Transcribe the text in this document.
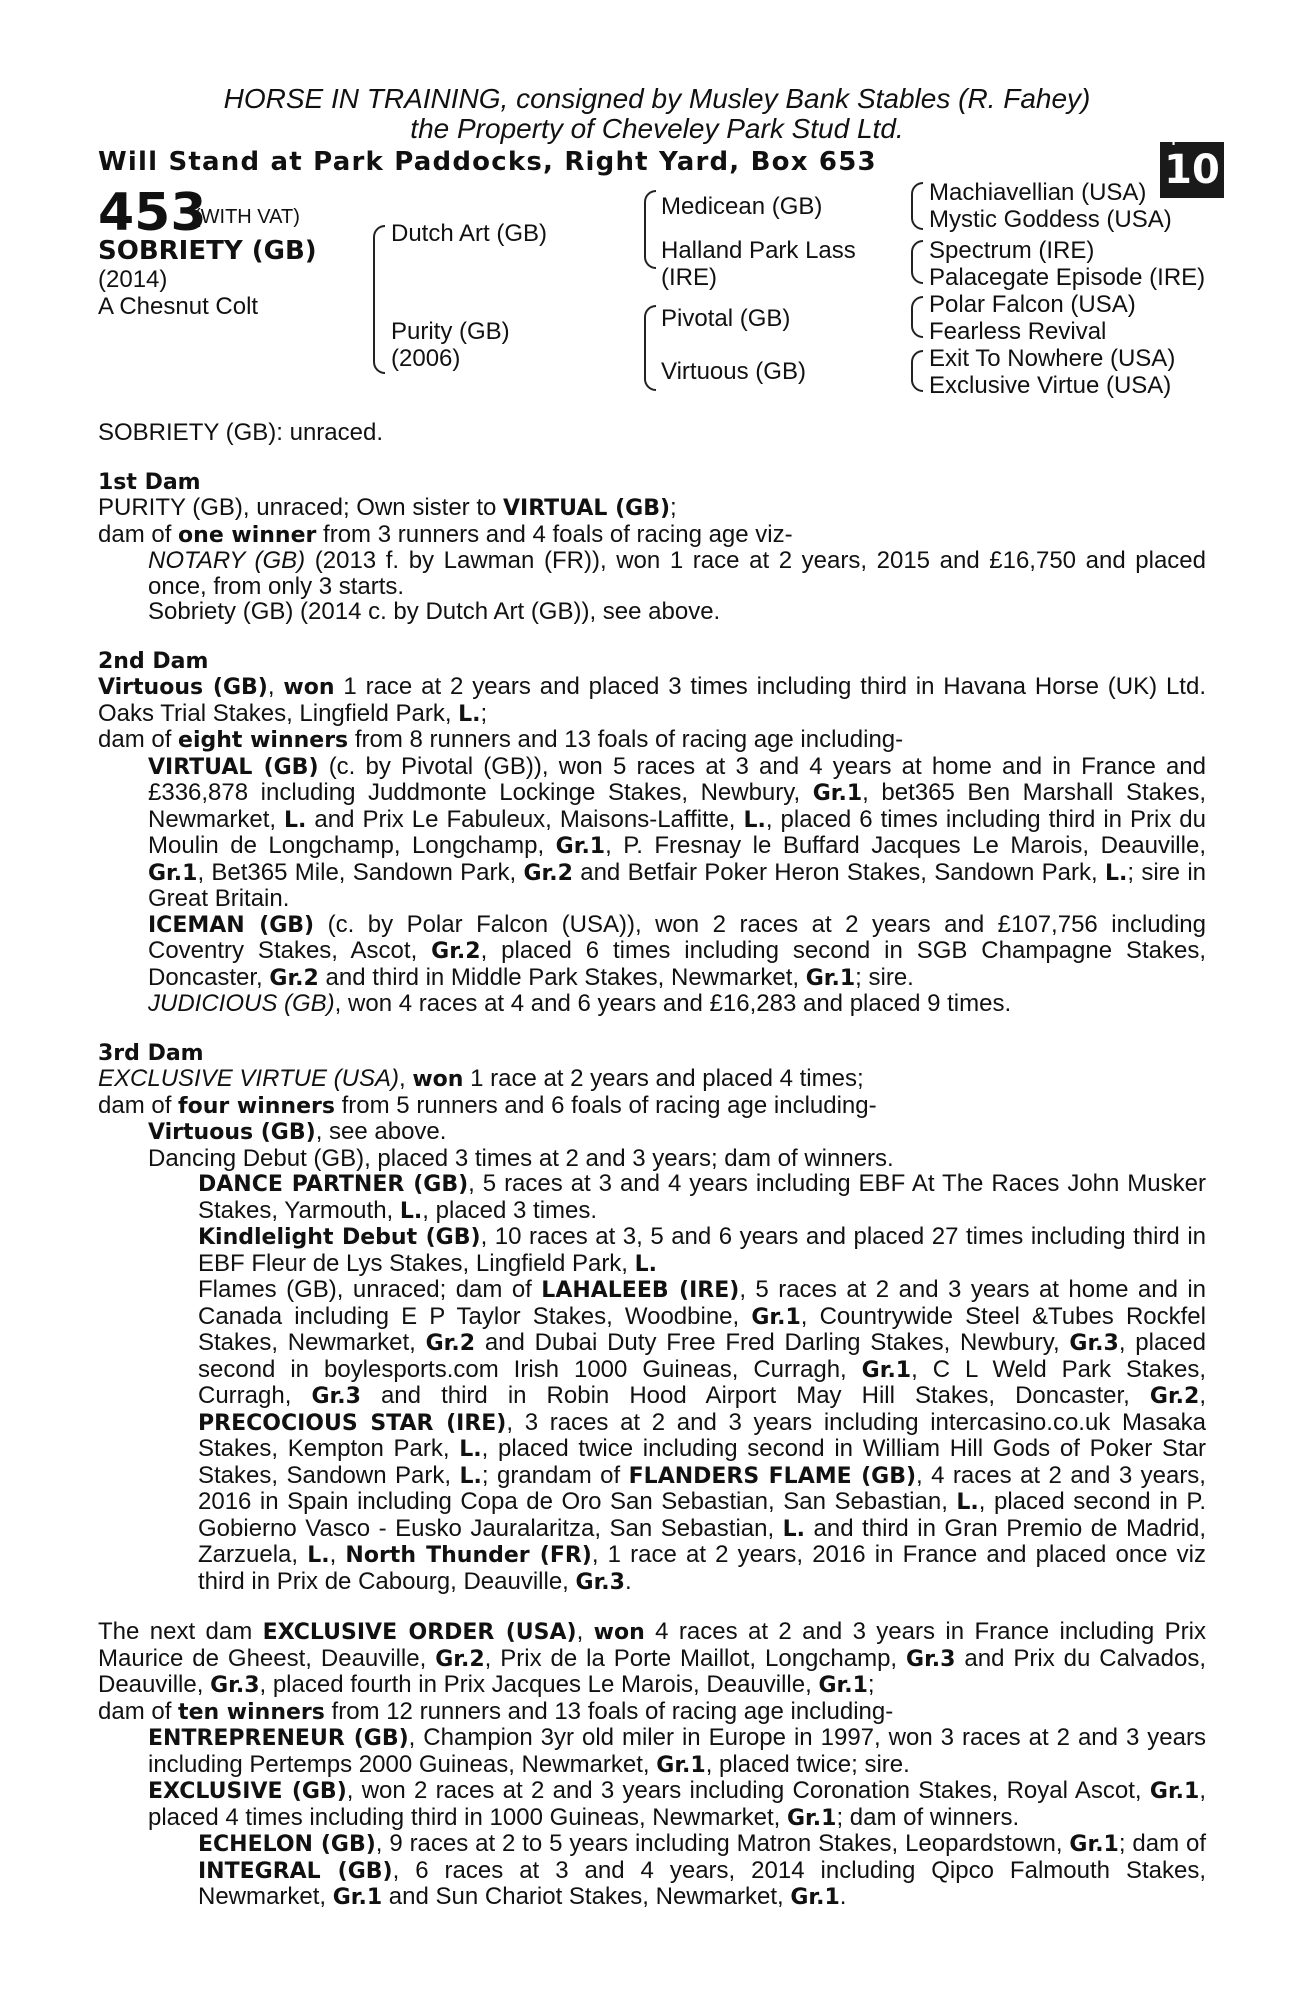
HORSE IN TRAINING, consigned by Musley Bank Stables (R. Fahey)
the Property of Cheveley Park Stud Ltd.
Will Stand at Park Paddocks, Right Yard, Box 653
+
10
453
(WITH VAT)
SOBRIETY (GB)
(2014)
A Chesnut Colt
Dutch Art (GB)
Purity (GB)
(2006)
Medicean (GB)
Halland Park Lass
(IRE)
Pivotal (GB)
Virtuous (GB)
Machiavellian (USA)
Mystic Goddess (USA)
Spectrum (IRE)
Palacegate Episode (IRE)
Polar Falcon (USA)
Fearless Revival
Exit To Nowhere (USA)
Exclusive Virtue (USA)

SOBRIETY (GB): unraced.

1st Dam

PURITY (GB), unraced; Own sister to VIRTUAL (GB);

dam of one winner from 3 runners and 4 foals of racing age viz-

NOTARY (GB) (2013 f. by Lawman (FR)), won 1 race at 2 years, 2015 and £16,750 and placed once, from only 3 starts.

Sobriety (GB) (2014 c. by Dutch Art (GB)), see above.

2nd Dam

Virtuous (GB), won 1 race at 2 years and placed 3 times including third in Havana Horse (UK) Ltd. Oaks Trial Stakes, Lingfield Park, L.;

dam of eight winners from 8 runners and 13 foals of racing age including-

VIRTUAL (GB) (c. by Pivotal (GB)), won 5 races at 3 and 4 years at home and in France and £336,878 including Juddmonte Lockinge Stakes, Newbury, Gr.1, bet365 Ben Marshall Stakes, Newmarket, L. and Prix Le Fabuleux, Maisons-Laffitte, L., placed 6 times including third in Prix du Moulin de Longchamp, Longchamp, Gr.1, P. Fresnay le Buffard Jacques Le Marois, Deauville, Gr.1, Bet365 Mile, Sandown Park, Gr.2 and Betfair Poker Heron Stakes, Sandown Park, L.; sire in Great Britain.

ICEMAN (GB) (c. by Polar Falcon (USA)), won 2 races at 2 years and £107,756 including Coventry Stakes, Ascot, Gr.2, placed 6 times including second in SGB Champagne Stakes, Doncaster, Gr.2 and third in Middle Park Stakes, Newmarket, Gr.1; sire.

JUDICIOUS (GB), won 4 races at 4 and 6 years and £16,283 and placed 9 times.

3rd Dam

EXCLUSIVE VIRTUE (USA), won 1 race at 2 years and placed 4 times;

dam of four winners from 5 runners and 6 foals of racing age including-

Virtuous (GB), see above.

Dancing Debut (GB), placed 3 times at 2 and 3 years; dam of winners.

DANCE PARTNER (GB), 5 races at 3 and 4 years including EBF At The Races John Musker Stakes, Yarmouth, L., placed 3 times.

Kindlelight Debut (GB), 10 races at 3, 5 and 6 years and placed 27 times including third in EBF Fleur de Lys Stakes, Lingfield Park, L.

Flames (GB), unraced; dam of LAHALEEB (IRE), 5 races at 2 and 3 years at home and in Canada including E P Taylor Stakes, Woodbine, Gr.1, Countrywide Steel &Tubes Rockfel Stakes, Newmarket, Gr.2 and Dubai Duty Free Fred Darling Stakes, Newbury, Gr.3, placed second in boylesports.com Irish 1000 Guineas, Curragh, Gr.1, C L Weld Park Stakes, Curragh, Gr.3 and third in Robin Hood Airport May Hill Stakes, Doncaster, Gr.2, PRECOCIOUS STAR (IRE), 3 races at 2 and 3 years including intercasino.co.uk Masaka Stakes, Kempton Park, L., placed twice including second in William Hill Gods of Poker Star Stakes, Sandown Park, L.; grandam of FLANDERS FLAME (GB), 4 races at 2 and 3 years, 2016 in Spain including Copa de Oro San Sebastian, San Sebastian, L., placed second in P. Gobierno Vasco - Eusko Jauralaritza, San Sebastian, L. and third in Gran Premio de Madrid, Zarzuela, L., North Thunder (FR), 1 race at 2 years, 2016 in France and placed once viz third in Prix de Cabourg, Deauville, Gr.3.

The next dam EXCLUSIVE ORDER (USA), won 4 races at 2 and 3 years in France including Prix Maurice de Gheest, Deauville, Gr.2, Prix de la Porte Maillot, Longchamp, Gr.3 and Prix du Calvados, Deauville, Gr.3, placed fourth in Prix Jacques Le Marois, Deauville, Gr.1;

dam of ten winners from 12 runners and 13 foals of racing age including-

ENTREPRENEUR (GB), Champion 3yr old miler in Europe in 1997, won 3 races at 2 and 3 years including Pertemps 2000 Guineas, Newmarket, Gr.1, placed twice; sire.

EXCLUSIVE (GB), won 2 races at 2 and 3 years including Coronation Stakes, Royal Ascot, Gr.1, placed 4 times including third in 1000 Guineas, Newmarket, Gr.1; dam of winners.

ECHELON (GB), 9 races at 2 to 5 years including Matron Stakes, Leopardstown, Gr.1; dam of INTEGRAL (GB), 6 races at 3 and 4 years, 2014 including Qipco Falmouth Stakes, Newmarket, Gr.1 and Sun Chariot Stakes, Newmarket, Gr.1.
